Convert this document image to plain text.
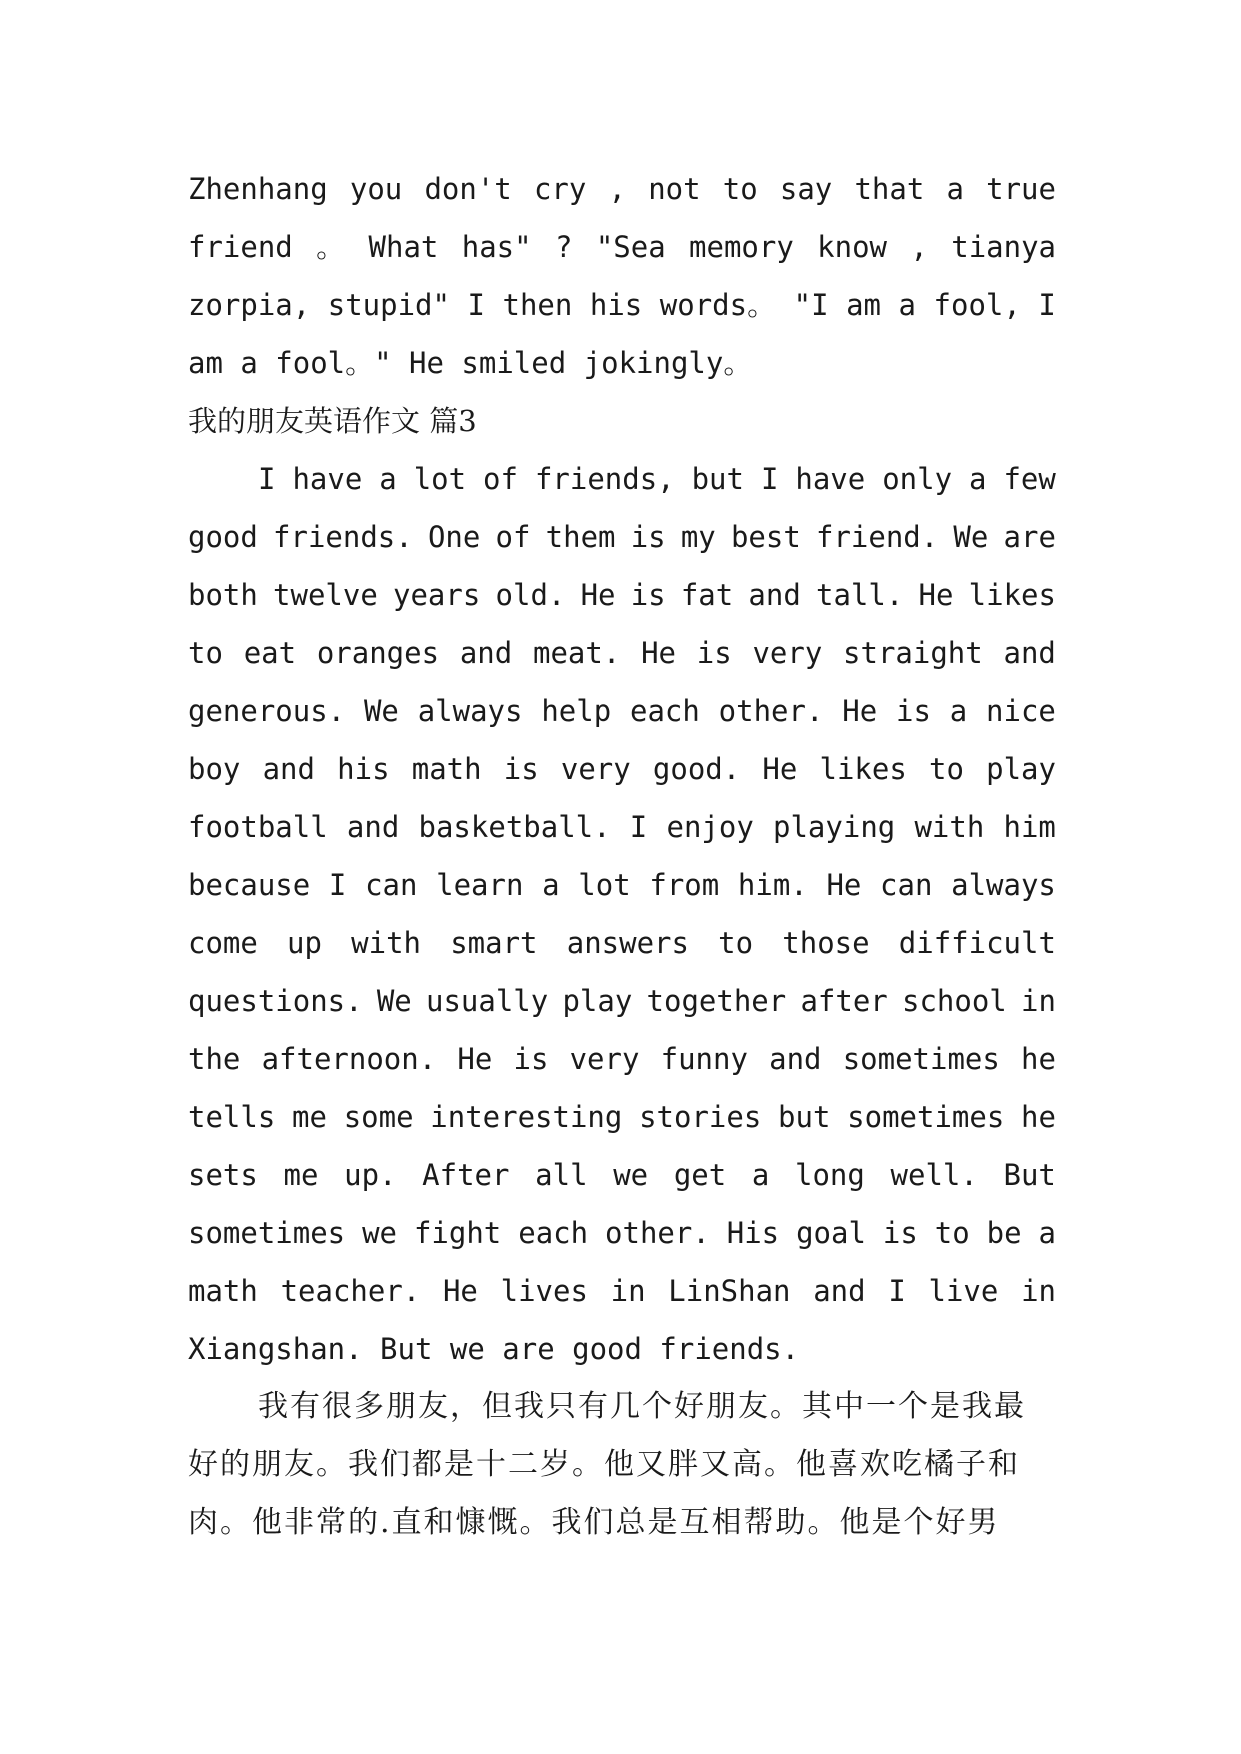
Zhenhang you don't cry , not to say that a true
friend 。 What has" ? "Sea memory know , tianya
zorpia, stupid" I then his words。 "I am a fool, I
am a fool。" He smiled jokingly。
我的朋友英语作文 篇3
I have a lot of friends, but I have only a few
good friends. One of them is my best friend. We are
both twelve years old. He is fat and tall. He likes
to eat oranges and meat. He is very straight and
generous. We always help each other. He is a nice
boy and his math is very good. He likes to play
football and basketball. I enjoy playing with him
because I can learn a lot from him. He can always
come up with smart answers to those difficult
questions. We usually play together after school in
the afternoon. He is very funny and sometimes he
tells me some interesting stories but sometimes he
sets me up. After all we get a long well. But
sometimes we fight each other. His goal is to be a
math teacher. He lives in LinShan and I live in
Xiangshan. But we are good friends.
我有很多朋友，但我只有几个好朋友。其中一个是我最
好的朋友。我们都是十二岁。他又胖又高。他喜欢吃橘子和
肉。他非常的.直和慷慨。我们总是互相帮助。他是个好男
